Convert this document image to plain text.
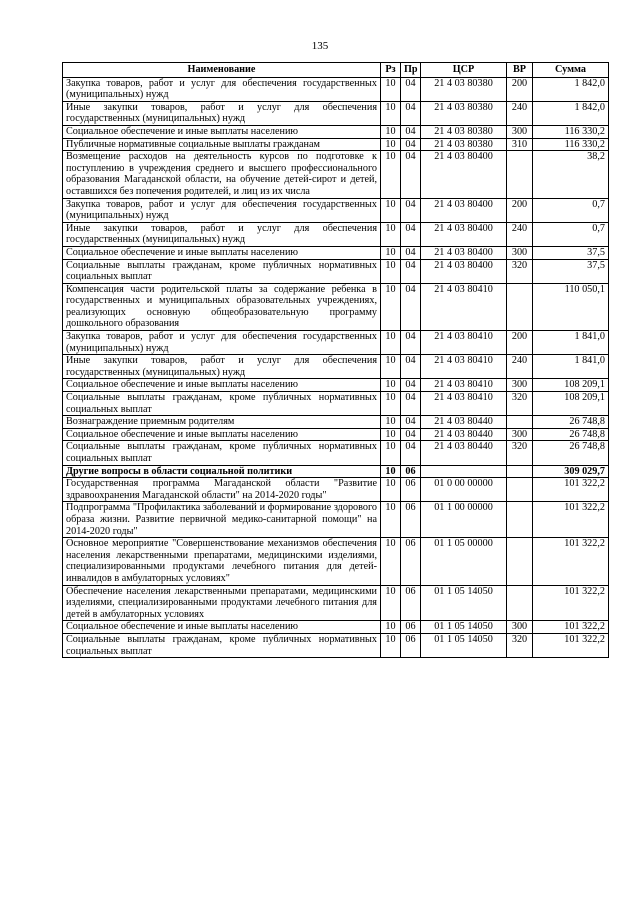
135
Наименование	Рз	Пр	ЦСР	ВР	Сумма
Закупка товаров, работ и услуг для обеспечения государственных (муниципальных) нужд	10	04	21 4 03 80380	200	1 842,0
Иные закупки товаров, работ и услуг для обеспечения государственных (муниципальных) нужд	10	04	21 4 03 80380	240	1 842,0
Социальное обеспечение и иные выплаты населению	10	04	21 4 03 80380	300	116 330,2
Публичные нормативные социальные выплаты гражданам	10	04	21 4 03 80380	310	116 330,2
Возмещение расходов на деятельность курсов по подготовке к поступлению в учреждения среднего и высшего профессионального образования Магаданской области, на обучение детей-сирот и детей, оставшихся без попечения родителей, и лиц из их числа	10	04	21 4 03 80400		38,2
Закупка товаров, работ и услуг для обеспечения государственных (муниципальных) нужд	10	04	21 4 03 80400	200	0,7
Иные закупки товаров, работ и услуг для обеспечения государственных (муниципальных) нужд	10	04	21 4 03 80400	240	0,7
Социальное обеспечение и иные выплаты населению	10	04	21 4 03 80400	300	37,5
Социальные выплаты гражданам, кроме публичных нормативных социальных выплат	10	04	21 4 03 80400	320	37,5
Компенсация части родительской платы за содержание ребенка в государственных и муниципальных образовательных учреждениях, реализующих основную общеобразовательную программу дошкольного образования	10	04	21 4 03 80410		110 050,1
Закупка товаров, работ и услуг для обеспечения государственных (муниципальных) нужд	10	04	21 4 03 80410	200	1 841,0
Иные закупки товаров, работ и услуг для обеспечения государственных (муниципальных) нужд	10	04	21 4 03 80410	240	1 841,0
Социальное обеспечение и иные выплаты населению	10	04	21 4 03 80410	300	108 209,1
Социальные выплаты гражданам, кроме публичных нормативных социальных выплат	10	04	21 4 03 80410	320	108 209,1
Вознаграждение приемным родителям	10	04	21 4 03 80440		26 748,8
Социальное обеспечение и иные выплаты населению	10	04	21 4 03 80440	300	26 748,8
Социальные выплаты гражданам, кроме публичных нормативных социальных выплат	10	04	21 4 03 80440	320	26 748,8
Другие вопросы в области социальной политики	10	06			309 029,7
Государственная программа Магаданской области "Развитие здравоохранения Магаданской области" на 2014-2020 годы"	10	06	01 0 00 00000		101 322,2
Подпрограмма "Профилактика заболеваний и формирование здорового образа жизни. Развитие первичной медико-санитарной помощи" на 2014-2020 годы"	10	06	01 1 00 00000		101 322,2
Основное мероприятие "Совершенствование механизмов обеспечения населения лекарственными препаратами, медицинскими изделиями, специализированными продуктами лечебного питания для детей-инвалидов в амбулаторных условиях"	10	06	01 1 05 00000		101 322,2
Обеспечение населения лекарственными препаратами, медицинскими изделиями, специализированными продуктами лечебного питания для детей в амбулаторных условиях	10	06	01 1 05 14050		101 322,2
Социальное обеспечение и иные выплаты населению	10	06	01 1 05 14050	300	101 322,2
Социальные выплаты гражданам, кроме публичных нормативных социальных выплат	10	06	01 1 05 14050	320	101 322,2
